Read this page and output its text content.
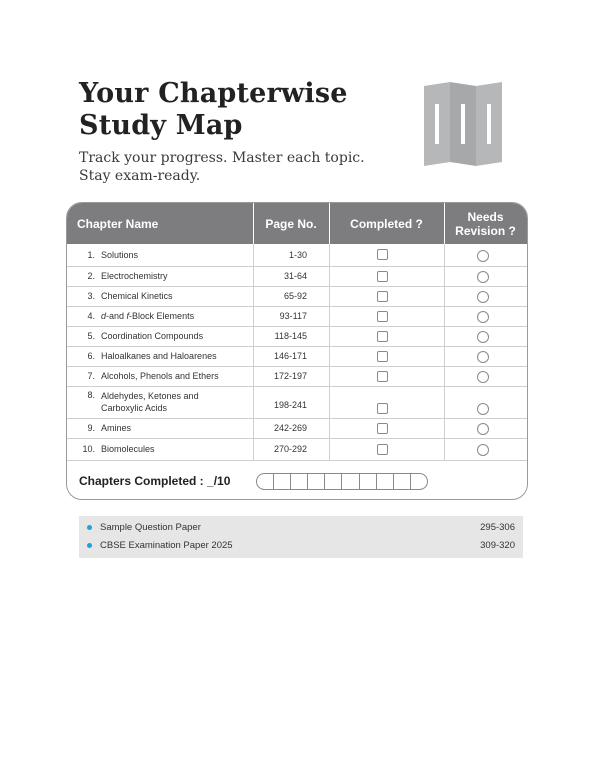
Your Chapterwise
Study Map
Track your progress. Master each topic.
Stay exam-ready.
Chapter Name	Page No.	Completed ?	Needs
Revision ?
1. Solutions	1-30
2. Electrochemistry	31-64
3. Chemical Kinetics	65-92
4. d -and f -Block Elements	93-117
5. Coordination Compounds	118-145
6. Haloalkanes and Haloarenes	146-171
7. Alcohols, Phenols and Ethers	172-197
8. Aldehydes, Ketones and
Carboxylic Acids	198-241
9. Amines	242-269
10. Biomolecules	270-292
Chapters Completed : _/10
Sample Question Paper	295-306
CBSE Examination Paper 2025	309-320
